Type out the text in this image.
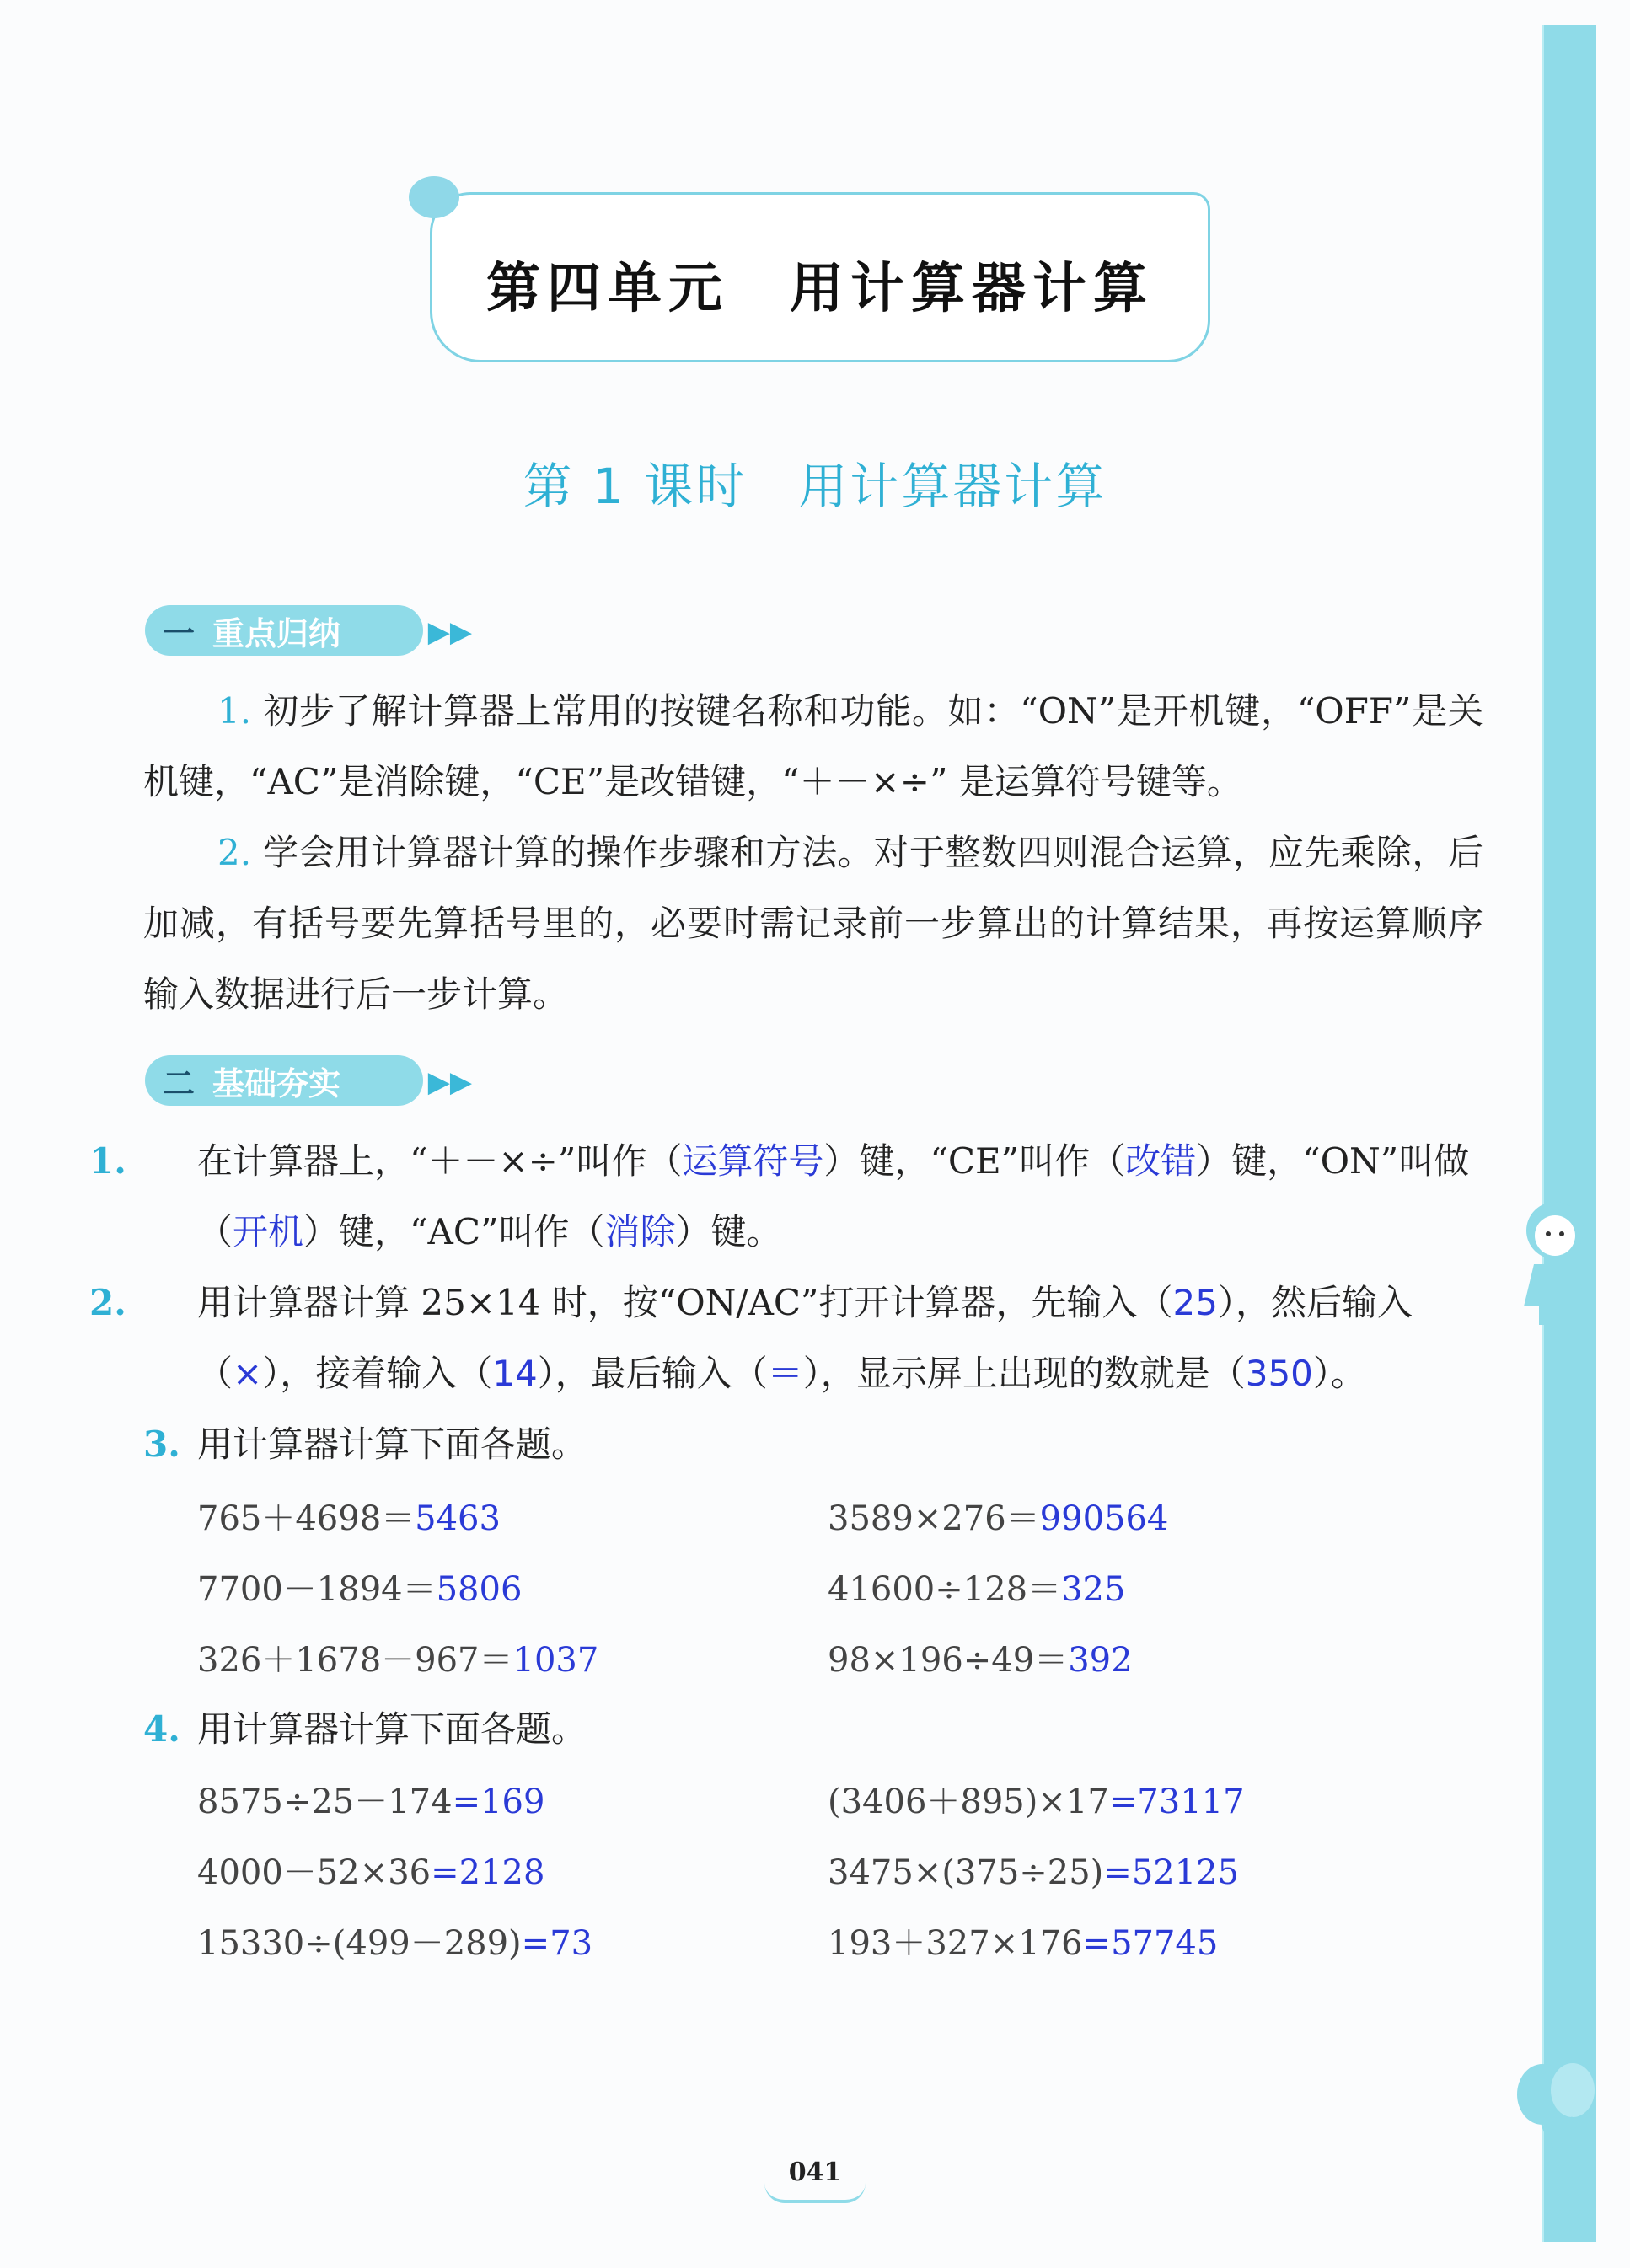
第四单元　用计算器计算
第 1 课时　用计算器计算
一 重点归纳	▶▶
1. 初步了解计算器上常用的按键名称和功能。如：“ON”是开机键，“OFF”是关机键，“AC”是消除键，“CE”是改错键，“＋－×÷” 是运算符号键等。
2. 学会用计算器计算的操作步骤和方法。对于整数四则混合运算，应先乘除，后加减，有括号要先算括号里的，必要时需记录前一步算出的计算结果，再按运算顺序输入数据进行后一步计算。
二 基础夯实	▶▶
1. 在计算器上，“＋－×÷”叫作（运算符号）键，“CE”叫作（改错）键，“ON”叫做（开机）键，“AC”叫作（消除）键。
2. 用计算器计算 25×14 时，按“ON/AC”打开计算器，先输入（25），然后输入（×），接着输入（14），最后输入（＝），显示屏上出现的数就是（350）。
3. 用计算器计算下面各题。
765＋4698＝5463	3589×276＝990564
7700－1894＝5806	41600÷128＝325
326＋1678－967＝1037	98×196÷49＝392
4. 用计算器计算下面各题。
8575÷25－174=169	(3406＋895)×17=73117
4000－52×36=2128	3475×(375÷25)=52125
15330÷(499－289)=73	193＋327×176=57745
041
